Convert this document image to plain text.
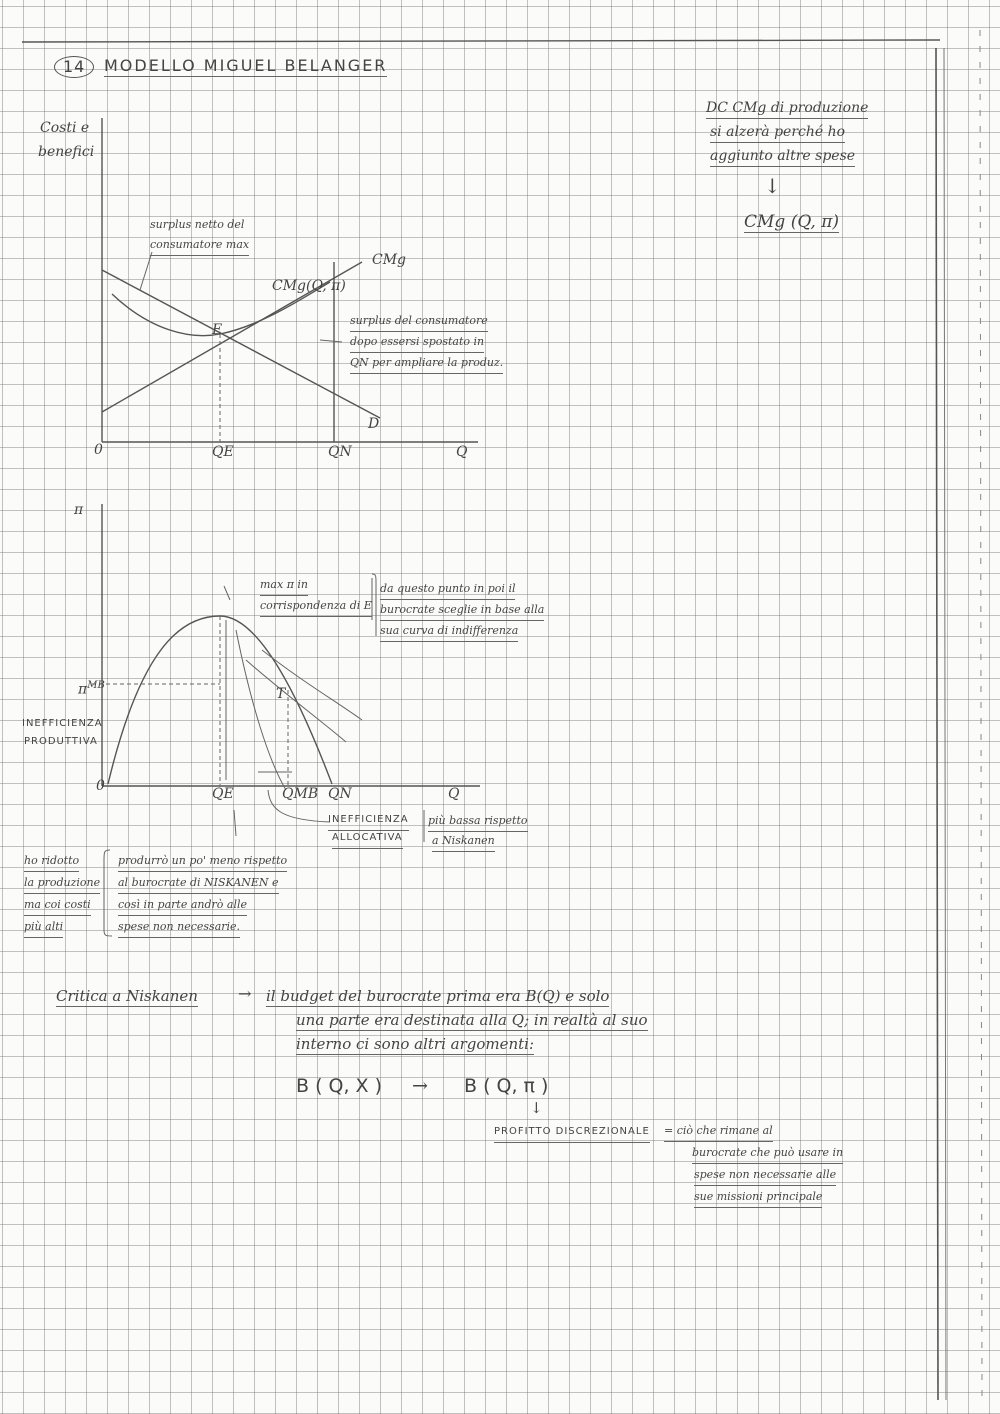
14	MODELLO MIGUEL BELANGER
DC CMg di produzione
si alzerà perché ho
aggiunto altre spese
↓
CMg (Q, π)
Costi e
benefici
0	Q
surplus netto del
consumatore max
CMg(Q, π)
CMg
E
D
QE	QN
surplus del consumatore
dopo essersi spostato in
QN per ampliare la produz.
π
0	Q
$\pi^{MB}$
INEFFICIENZA
PRODUTTIVA
max π in
corrispondenza di E
da questo punto in poi il
burocrate sceglie in base alla
sua curva di indifferenza
T
QE	QMB QN
INEFFICIENZA
ALLOCATIVA
più bassa rispetto
a Niskanen
ho ridotto
la produzione
ma coi costi
più alti
produrrò un po' meno rispetto
al burocrate di NISKANEN e
così in parte andrò alle
spese non necessarie.
Critica a Niskanen	→ il budget del burocrate prima era B(Q) e solo
una parte era destinata alla Q; in realtà al suo
interno ci sono altri argomenti:
B ( Q, X ) → B ( Q, π )
↓
PROFITTO DISCREZIONALE = ciò che rimane al
burocrate che può usare in
spese non necessarie alle
sue missioni principale
